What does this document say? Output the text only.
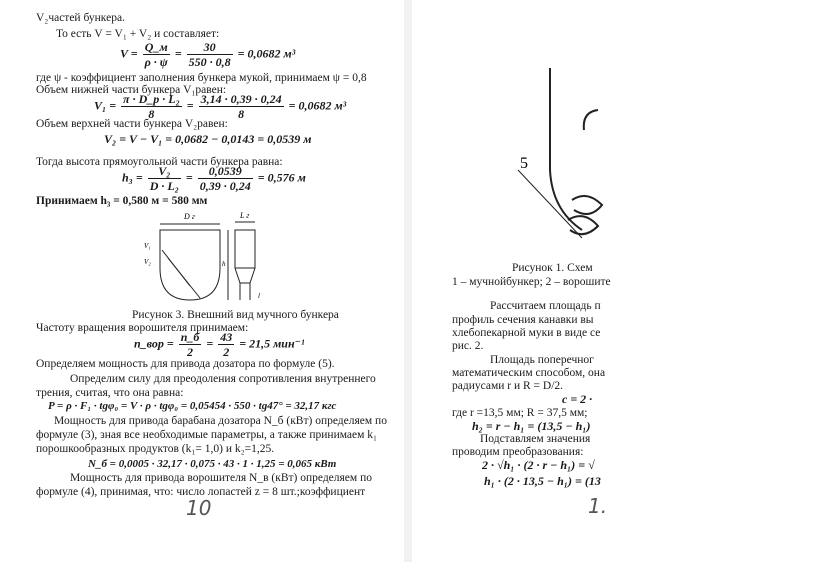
V₂частей бункера.
То есть V = V₁ + V₂ и составляет:
$V = \frac{Q\_м}{\rho \cdot \psi} = \frac{30}{550 \cdot 0,8} = 0,0682$ м³
где ψ - коэффициент заполнения бункера мукой, принимаем ψ = 0,8
Объем нижней части бункера V₁равен:
$V_1 = \frac{\text{π · D\_р · L₂}}{8} = \frac{3,14 \cdot 0,39 \cdot 0,24}{8} = 0,0682$ м³
Объем верхней части бункера V₂равен:
V₂ = V − V₁ = 0,0682 − 0,0143 = 0,0539 м
Тогда высота прямоугольной части бункера равна:
$h_3 = \frac{\text{V₂}}{\text{D · L₂}} = \frac{0,0539}{0,39 \cdot 0,24} = 0,576$ м
Принимаем h₃ = 0,580 м = 580 мм
D г	L г
V₁
V₂	h
l
Рисунок 3. Внешний вид мучного бункера
Частоту вращения ворошителя принимаем:
n_вор = $\frac{n\_б}{2} = \frac{43}{2} = 21,5$ мин⁻¹
Определяем мощность для привода дозатора по формуле (5).
Определим силу для преодоления сопротивления внутреннего
трения, считая, что она равна:
P = ρ · F₁ · tgφ₀ = V · ρ · tgφ₀ = 0,05454 · 550 · tg47° = 32,17 кгс
Мощность для привода барабана дозатора N_б (кВт) определяем по
формуле (3), зная все необходимые параметры, а также принимаем k₁
порошкообразных продуктов (k₁= 1,0) и k₂=1,25.
N_б = 0,0005 · 32,17 · 0,075 · 43 · 1 · 1,25 = 0,065 кВт
Мощность для привода ворошителя N_в (кВт) определяем по
формуле (4), принимая, что: число лопастей z = 8 шт.;коэффициент
10
5
Рисунок 1. Схем
1 – мучнойбункер; 2 – ворошите
Рассчитаем площадь п
профиль сечения канавки вы
хлебопекарной муки в виде се
рис. 2.
Площадь поперечног
математическим способом, она
радиусами r и R = D/2.
c = 2 ·
где r =13,5 мм; R = 37,5 мм;
h₂ = r − h₁ = (13,5 − h₁)
Подставляем значения
проводим преобразования:
2 · √h₁ · (2 · r − h₁) = √
h₁ · (2 · 13,5 − h₁) = (13
1.
